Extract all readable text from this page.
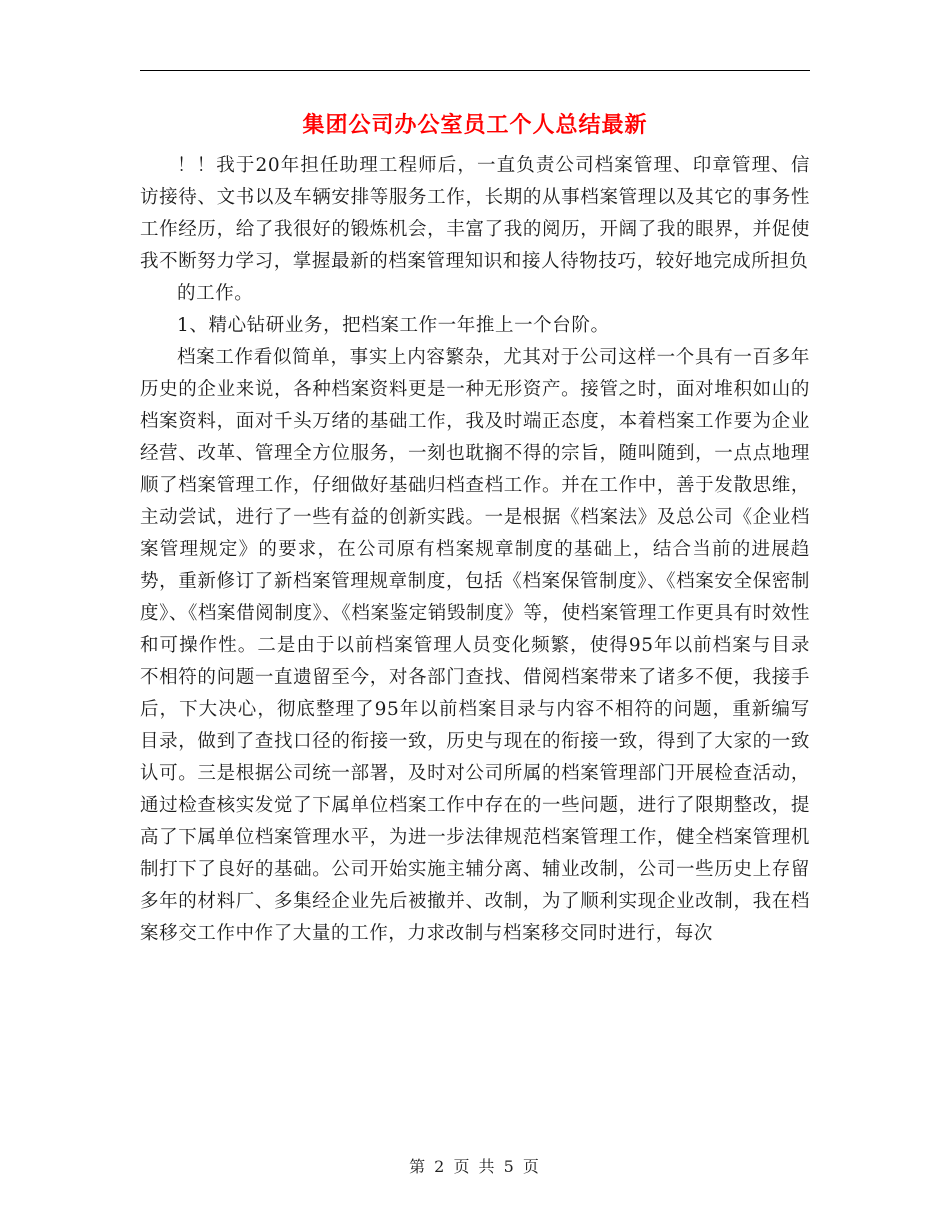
集团公司办公室员工个人总结最新

！！我于20年担任助理工程师后，一直负责公司档案管理、印章管理、信访接待、文书以及车辆安排等服务工作，长期的从事档案管理以及其它的事务性工作经历，给了我很好的锻炼机会，丰富了我的阅历，开阔了我的眼界，并促使我不断努力学习，掌握最新的档案管理知识和接人待物技巧，较好地完成所担负

的工作。

1、精心钻研业务，把档案工作一年推上一个台阶。

档案工作看似简单，事实上内容繁杂，尤其对于公司这样一个具有一百多年历史的企业来说，各种档案资料更是一种无形资产。接管之时，面对堆积如山的档案资料，面对千头万绪的基础工作，我及时端正态度，本着档案工作要为企业经营、改革、管理全方位服务，一刻也耽搁不得的宗旨，随叫随到，一点点地理顺了档案管理工作，仔细做好基础归档查档工作。并在工作中，善于发散思维，主动尝试，进行了一些有益的创新实践。一是根据《档案法》及总公司《企业档案管理规定》的要求，在公司原有档案规章制度的基础上，结合当前的进展趋势，重新修订了新档案管理规章制度，包括《档案保管制度》、《档案安全保密制度》、《档案借阅制度》、《档案鉴定销毁制度》等，使档案管理工作更具有时效性和可操作性。二是由于以前档案管理人员变化频繁，使得95年以前档案与目录不相符的问题一直遗留至今，对各部门查找、借阅档案带来了诸多不便，我接手后，下大决心，彻底整理了95年以前档案目录与内容不相符的问题，重新编写目录，做到了查找口径的衔接一致，历史与现在的衔接一致，得到了大家的一致认可。三是根据公司统一部署，及时对公司所属的档案管理部门开展检查活动，通过检查核实发觉了下属单位档案工作中存在的一些问题，进行了限期整改，提高了下属单位档案管理水平，为进一步法律规范档案管理工作，健全档案管理机制打下了良好的基础。公司开始实施主辅分离、辅业改制，公司一些历史上存留多年的材料厂、多集经企业先后被撤并、改制，为了顺利实现企业改制，我在档案移交工作中作了大量的工作，力求改制与档案移交同时进行，每次

第 2 页 共 5 页
